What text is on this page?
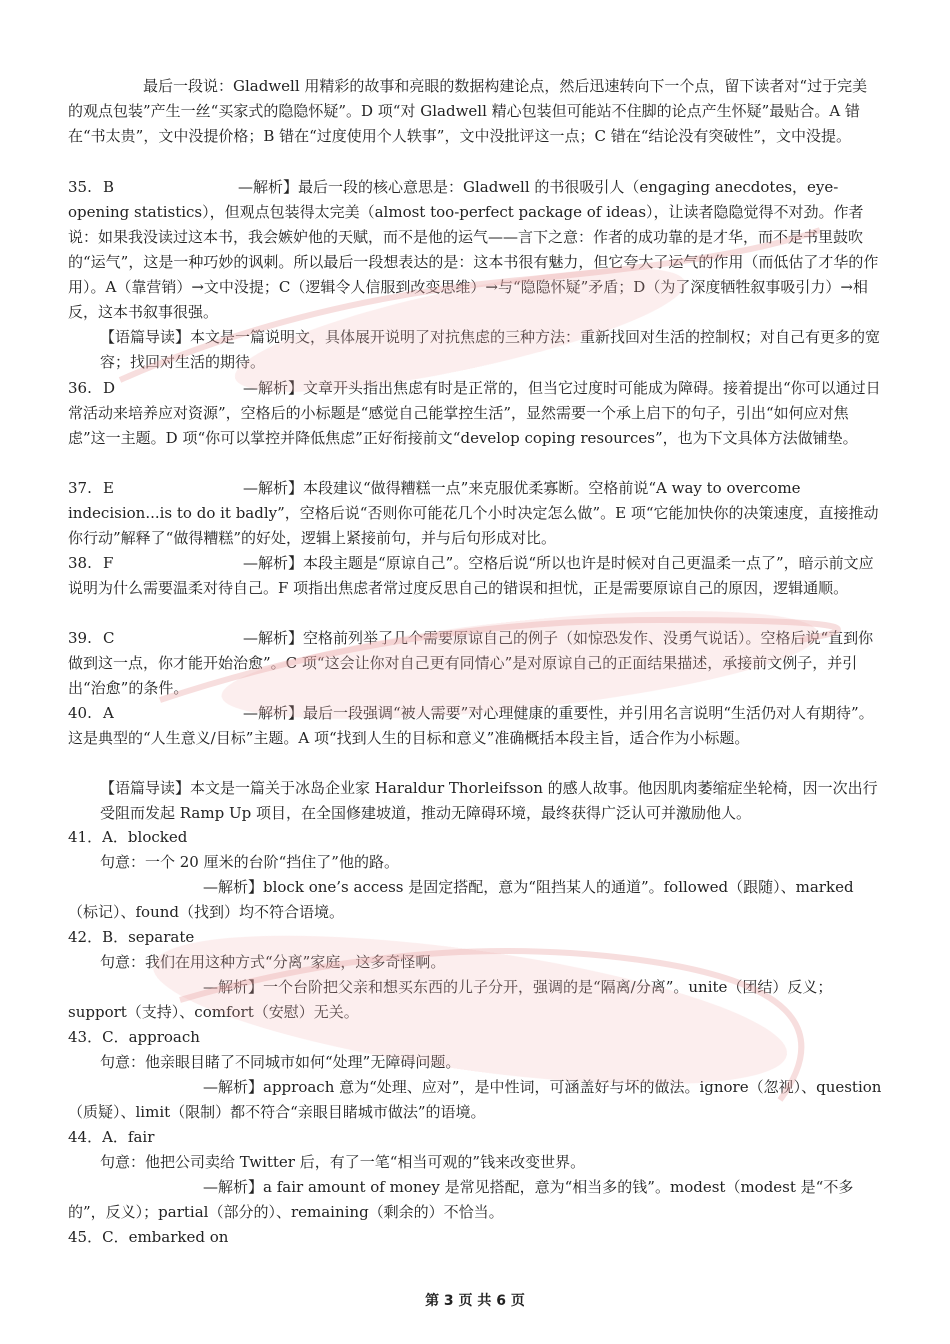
最后一段说：Gladwell 用精彩的故事和亮眼的数据构建论点，然后迅速转向下一个点，留下读者对“过于完美的观点包装”产生一丝“买家式的隐隐怀疑”。D 项“对 Gladwell 精心包装但可能站不住脚的论点产生怀疑”最贴合。A 错在“书太贵”，文中没提价格；B 错在“过度使用个人轶事”，文中没批评这一点；C 错在“结论没有突破性”，文中没提。
35. B	—解析】最后一段的核心意思是：Gladwell 的书很吸引人（engaging anecdotes，eye-opening statistics），但观点包装得太完美（almost too-perfect package of ideas），让读者隐隐觉得不对劲。作者说：如果我没读过这本书，我会嫉妒他的天赋，而不是他的运气——言下之意：作者的成功靠的是才华，而不是书里鼓吹的“运气”，这是一种巧妙的讽刺。所以最后一段想表达的是：这本书很有魅力，但它夸大了运气的作用（而低估了才华的作用）。A（靠营销）→文中没提；C（逻辑令人信服到改变思维）→与“隐隐怀疑”矛盾；D（为了深度牺牲叙事吸引力）→相反，这本书叙事很强。
【语篇导读】本文是一篇说明文，具体展开说明了对抗焦虑的三种方法：重新找回对生活的控制权；对自己有更多的宽容；找回对生活的期待。
36. D	—解析】文章开头指出焦虑有时是正常的，但当它过度时可能成为障碍。接着提出“你可以通过日常活动来培养应对资源”，空格后的小标题是“感觉自己能掌控生活”，显然需要一个承上启下的句子，引出“如何应对焦虑”这一主题。D 项“你可以掌控并降低焦虑”正好衔接前文“develop coping resources”，也为下文具体方法做铺垫。
37. E	—解析】本段建议“做得糟糕一点”来克服优柔寡断。空格前说“A way to overcome indecision...is to do it badly”，空格后说“否则你可能花几个小时决定怎么做”。E 项“它能加快你的决策速度，直接推动你行动”解释了“做得糟糕”的好处，逻辑上紧接前句，并与后句形成对比。
38. F	—解析】本段主题是“原谅自己”。空格后说“所以也许是时候对自己更温柔一点了”，暗示前文应说明为什么需要温柔对待自己。F 项指出焦虑者常过度反思自己的错误和担忧，正是需要原谅自己的原因，逻辑通顺。
39. C	—解析】空格前列举了几个需要原谅自己的例子（如惊恐发作、没勇气说话）。空格后说“直到你做到这一点，你才能开始治愈”。C 项“这会让你对自己更有同情心”是对原谅自己的正面结果描述，承接前文例子，并引出“治愈”的条件。
40. A	—解析】最后一段强调“被人需要”对心理健康的重要性，并引用名言说明“生活仍对人有期待”。这是典型的“人生意义/目标”主题。A 项“找到人生的目标和意义”准确概括本段主旨，适合作为小标题。
【语篇导读】本文是一篇关于冰岛企业家 Haraldur Thorleifsson 的感人故事。他因肌肉萎缩症坐轮椅，因一次出行受阻而发起 Ramp Up 项目，在全国修建坡道，推动无障碍环境，最终获得广泛认可并激励他人。
41．A．blocked
句意：一个 20 厘米的台阶“挡住了”他的路。
—解析】block one’s access 是固定搭配，意为“阻挡某人的通道”。followed（跟随）、marked（标记）、found（找到）均不符合语境。
42．B．separate
句意：我们在用这种方式“分离”家庭，这多奇怪啊。
—解析】一个台阶把父亲和想买东西的儿子分开，强调的是“隔离/分离”。unite（团结）反义；support（支持）、comfort（安慰）无关。
43．C．approach
句意：他亲眼目睹了不同城市如何“处理”无障碍问题。
—解析】approach 意为“处理、应对”，是中性词，可涵盖好与坏的做法。ignore（忽视）、question（质疑）、limit（限制）都不符合“亲眼目睹城市做法”的语境。
44．A．fair
句意：他把公司卖给 Twitter 后，有了一笔“相当可观的”钱来改变世界。
—解析】a fair amount of money 是常见搭配，意为“相当多的钱”。modest（modest 是“不多的”，反义）；partial（部分的）、remaining（剩余的）不恰当。
45．C．embarked on
第 3 页 共 6 页
